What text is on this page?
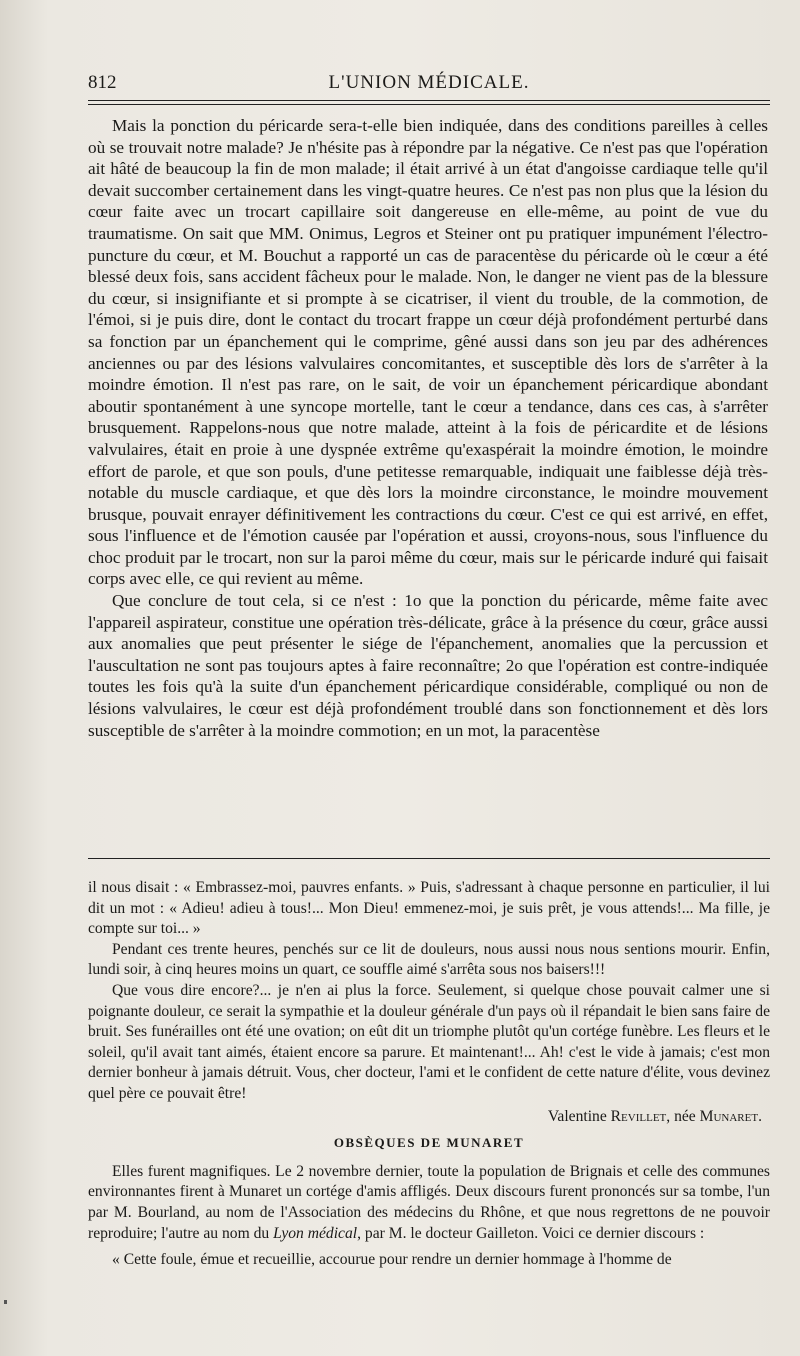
812	L'UNION MÉDICALE.

Mais la ponction du péricarde sera-t-elle bien indiquée, dans des conditions pareilles à celles où se trouvait notre malade? Je n'hésite pas à répondre par la négative. Ce n'est pas que l'opération ait hâté de beaucoup la fin de mon malade; il était arrivé à un état d'angoisse cardiaque telle qu'il devait succomber certainement dans les vingt-quatre heures. Ce n'est pas non plus que la lésion du cœur faite avec un trocart capillaire soit dangereuse en elle-même, au point de vue du traumatisme. On sait que MM. Onimus, Legros et Steiner ont pu pratiquer impunément l'électro-puncture du cœur, et M. Bouchut a rapporté un cas de paracentèse du péricarde où le cœur a été blessé deux fois, sans accident fâcheux pour le malade. Non, le danger ne vient pas de la blessure du cœur, si insignifiante et si prompte à se cicatriser, il vient du trouble, de la commotion, de l'émoi, si je puis dire, dont le contact du trocart frappe un cœur déjà profondément perturbé dans sa fonction par un épanchement qui le comprime, gêné aussi dans son jeu par des adhérences anciennes ou par des lésions valvulaires concomitantes, et susceptible dès lors de s'arrêter à la moindre émotion. Il n'est pas rare, on le sait, de voir un épanchement péricardique abondant aboutir spontanément à une syncope mortelle, tant le cœur a tendance, dans ces cas, à s'arrêter brusquement. Rappelons-nous que notre malade, atteint à la fois de péricardite et de lésions valvulaires, était en proie à une dyspnée extrême qu'exaspérait la moindre émotion, le moindre effort de parole, et que son pouls, d'une petitesse remarquable, indiquait une faiblesse déjà très-notable du muscle cardiaque, et que dès lors la moindre circonstance, le moindre mouvement brusque, pouvait enrayer définitivement les contractions du cœur. C'est ce qui est arrivé, en effet, sous l'influence et de l'émotion causée par l'opération et aussi, croyons-nous, sous l'influence du choc produit par le trocart, non sur la paroi même du cœur, mais sur le péricarde induré qui faisait corps avec elle, ce qui revient au même.

Que conclure de tout cela, si ce n'est : 1o que la ponction du péricarde, même faite avec l'appareil aspirateur, constitue une opération très-délicate, grâce à la présence du cœur, grâce aussi aux anomalies que peut présenter le siége de l'épanchement, anomalies que la percussion et l'auscultation ne sont pas toujours aptes à faire reconnaître; 2o que l'opération est contre-indiquée toutes les fois qu'à la suite d'un épanchement péricardique considérable, compliqué ou non de lésions valvulaires, le cœur est déjà profondément troublé dans son fonctionnement et dès lors susceptible de s'arrêter à la moindre commotion; en un mot, la paracentèse

il nous disait : « Embrassez-moi, pauvres enfants. » Puis, s'adressant à chaque personne en particulier, il lui dit un mot : « Adieu! adieu à tous!... Mon Dieu! emmenez-moi, je suis prêt, je vous attends!... Ma fille, je compte sur toi... »

Pendant ces trente heures, penchés sur ce lit de douleurs, nous aussi nous nous sentions mourir. Enfin, lundi soir, à cinq heures moins un quart, ce souffle aimé s'arrêta sous nos baisers!!!

Que vous dire encore?... je n'en ai plus la force. Seulement, si quelque chose pouvait calmer une si poignante douleur, ce serait la sympathie et la douleur générale d'un pays où il répandait le bien sans faire de bruit. Ses funérailles ont été une ovation; on eût dit un triomphe plutôt qu'un cortége funèbre. Les fleurs et le soleil, qu'il avait tant aimés, étaient encore sa parure. Et maintenant!... Ah! c'est le vide à jamais; c'est mon dernier bonheur à jamais détruit. Vous, cher docteur, l'ami et le confident de cette nature d'élite, vous devinez quel père ce pouvait être!

Valentine Revillet, née Munaret.

OBSÈQUES DE MUNARET

Elles furent magnifiques. Le 2 novembre dernier, toute la population de Brignais et celle des communes environnantes firent à Munaret un cortége d'amis affligés. Deux discours furent prononcés sur sa tombe, l'un par M. Bourland, au nom de l'Association des médecins du Rhône, et que nous regrettons de ne pouvoir reproduire; l'autre au nom du Lyon médical, par M. le docteur Gailleton. Voici ce dernier discours :

« Cette foule, émue et recueillie, accourue pour rendre un dernier hommage à l'homme de
